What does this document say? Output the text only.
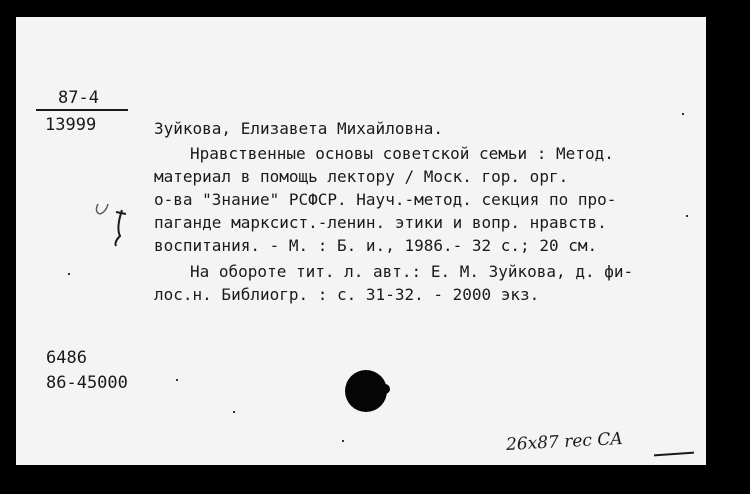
87-4
13999	Зуйкова, Елизавета Михайловна.
Нравственные основы советской семьи : Метод.
материал в помощь лектору / Моск. гор. орг.
о-ва "Знание" РСФСР. Науч.-метод. секция по про-
паганде марксист.-ленин. этики и вопр. нравств.
воспитания. - М. : Б. и., 1986.- 32 с.; 20 см.
На обороте тит. л. авт.: Е. М. Зуйкова, д. фи-
лос.н. Библиогр. : с. 31-32. - 2000 экз.
6486
86-45000
26x87 rec CA
